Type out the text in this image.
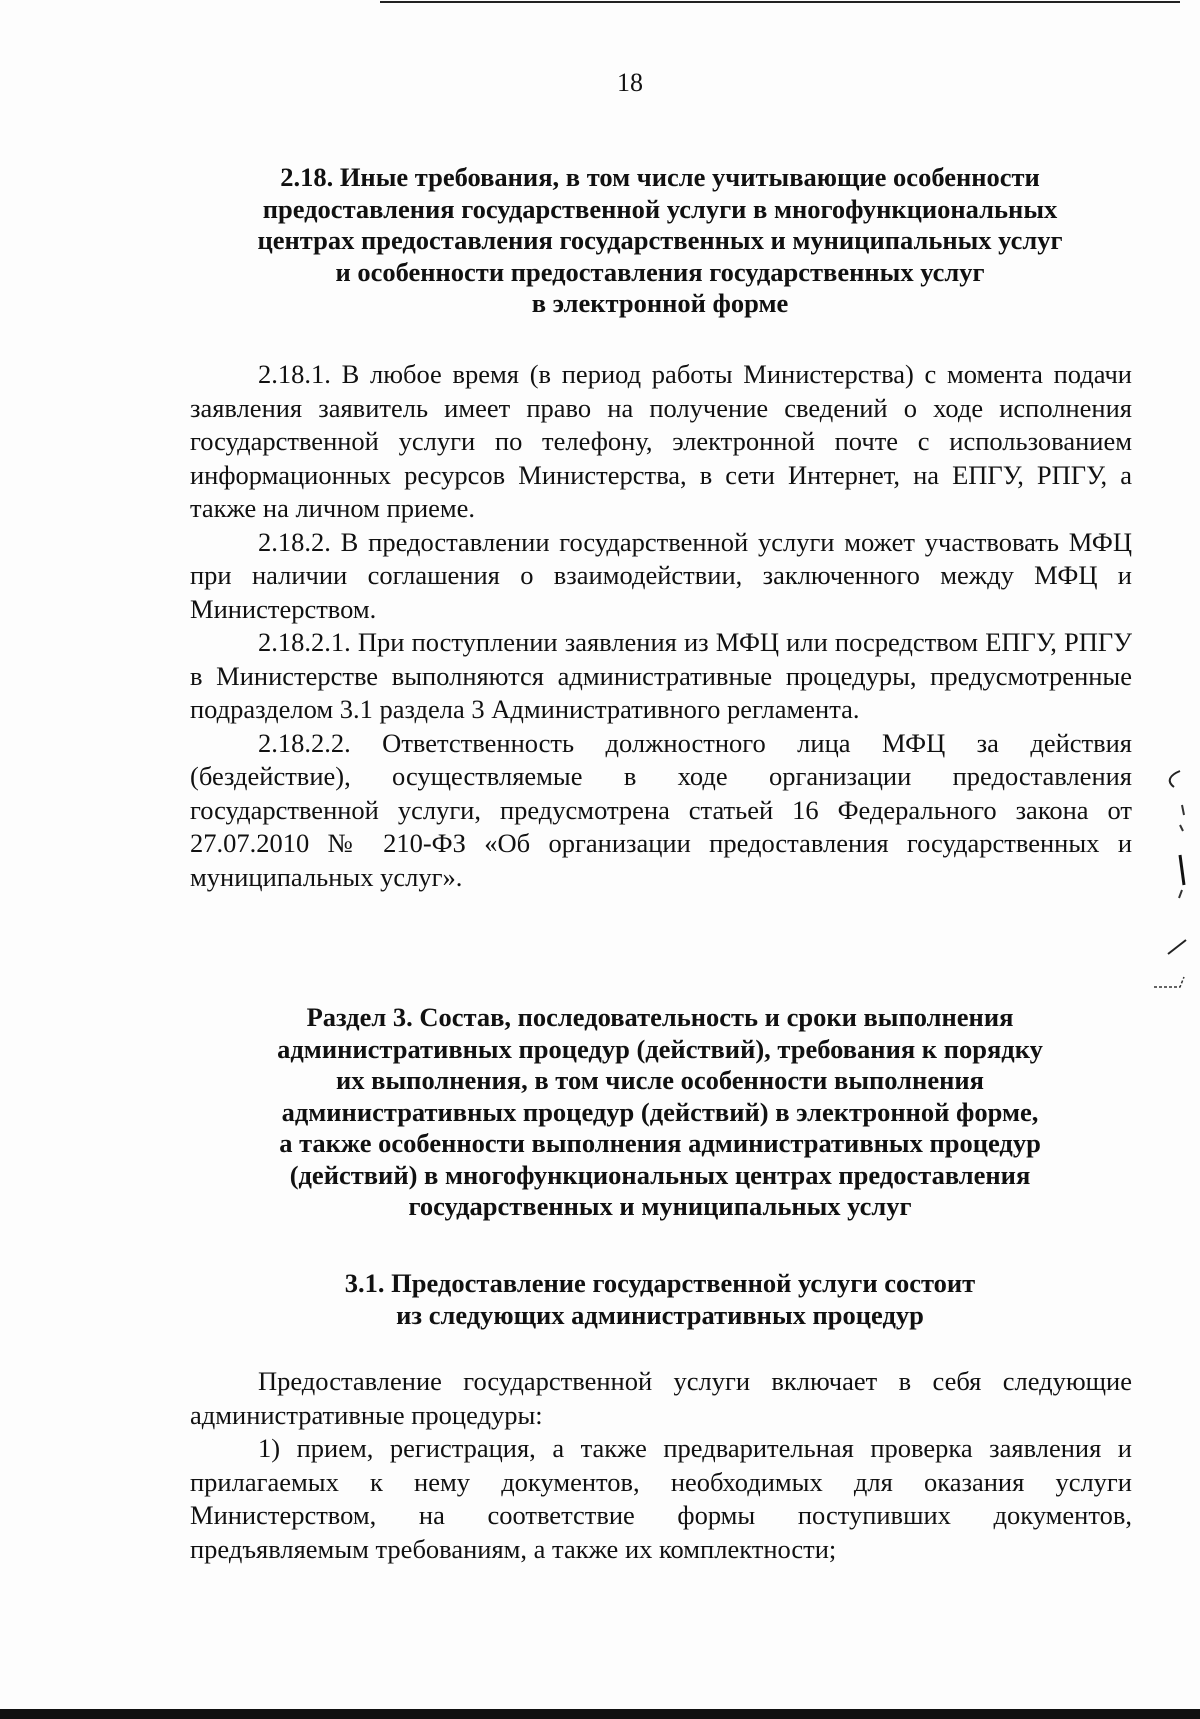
18
2.18. Иные требования, в том числе учитывающие особенности
предоставления государственной услуги в многофункциональных
центрах предоставления государственных и муниципальных услуг
и особенности предоставления государственных услуг
в электронной форме

2.18.1. В любое время (в период работы Министерства) с момента подачи заявления заявитель имеет право на получение сведений о ходе исполнения государственной услуги по телефону, электронной почте с использованием информационных ресурсов Министерства, в сети Интернет, на ЕПГУ, РПГУ, а также на личном приеме.

2.18.2. В предоставлении государственной услуги может участвовать МФЦ при наличии соглашения о взаимодействии, заключенного между МФЦ и Министерством.

2.18.2.1. При поступлении заявления из МФЦ или посредством ЕПГУ, РПГУ в Министерстве выполняются административные процедуры, предусмотренные подразделом 3.1 раздела 3 Административного регламента.

2.18.2.2. Ответственность должностного лица МФЦ за действия (бездействие), осуществляемые в ходе организации предоставления государственной услуги, предусмотрена статьей 16 Федерального закона от 27.07.2010 № 210-ФЗ «Об организации предоставления государственных и муниципальных услуг».

Раздел 3. Состав, последовательность и сроки выполнения
административных процедур (действий), требования к порядку
их выполнения, в том числе особенности выполнения
административных процедур (действий) в электронной форме,
а также особенности выполнения административных процедур
(действий) в многофункциональных центрах предоставления
государственных и муниципальных услуг
3.1. Предоставление государственной услуги состоит
из следующих административных процедур

Предоставление государственной услуги включает в себя следующие административные процедуры:

1) прием, регистрация, а также предварительная проверка заявления и прилагаемых к нему документов, необходимых для оказания услуги Министерством, на соответствие формы поступивших документов, предъявляемым требованиям, а также их комплектности;
